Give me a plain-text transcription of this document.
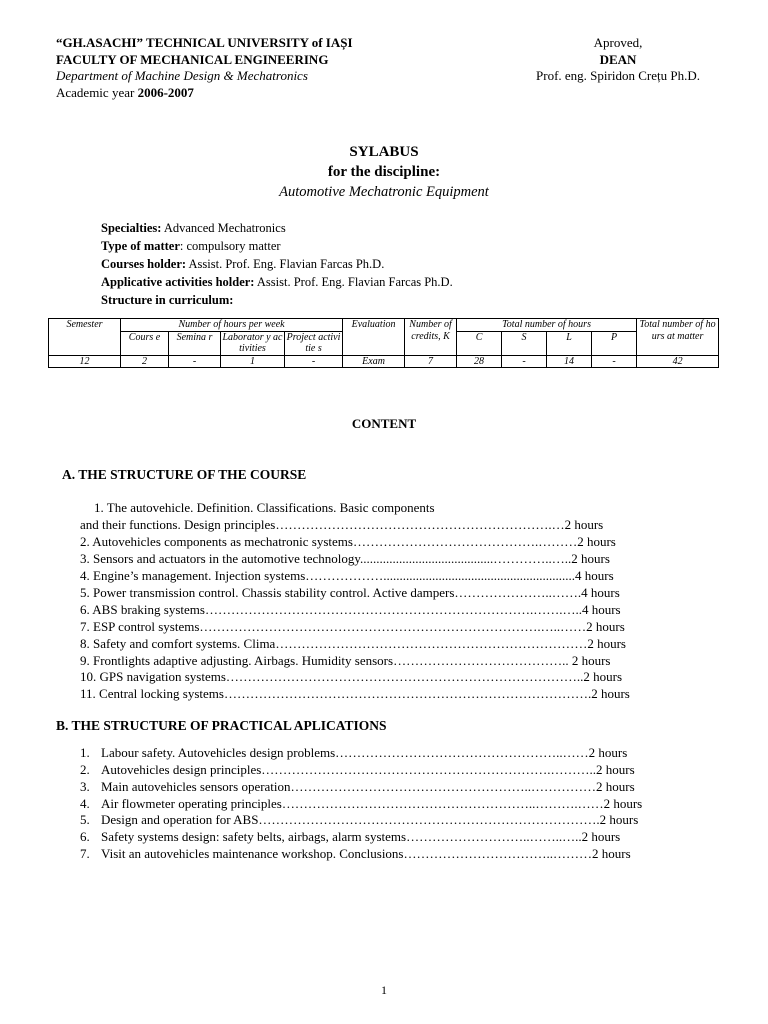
“GH.ASACHI” TECHNICAL UNIVERSITY of IAȘI
FACULTY OF MECHANICAL ENGINEERING
Department of Machine Design & Mechatronics
Academic year 2006-2007
Aproved,
DEAN
Prof. eng. Spiridon Crețu Ph.D.
SYLABUS
for the discipline:
Automotive Mechatronic Equipment
Specialties: Advanced Mechatronics
Type of matter: compulsory matter
Courses holder: Assist. Prof. Eng. Flavian Farcas Ph.D.
Applicative activities holder: Assist. Prof. Eng. Flavian Farcas Ph.D.
Structure in curriculum:
Semester	Number of hours per week				Evaluation	Number of credits, K	Total number of hours				Total number of hours at matter
	Cours e	Semina r	Laborator y activities	Project activitie s			C	S	L	P	
12	2	-	1	-	Exam	7	28	-	14	-	42
CONTENT
A. THE STRUCTURE OF THE COURSE
1. The autovehicle. Definition. Classifications. Basic components
and their functions. Design principles……………………………………………………….…2 hours
2. Autovehicles components as mechatronic systems…………………………………….………2 hours
3. Sensors and actuators in the automotive technology.........................................…………..…..2 hours
4. Engine’s management. Injection systems………………...........................................................4 hours
5. Power transmission control. Chassis stability control. Active dampers…………………..…….4 hours
6. ABS braking systems………………………………………………………………….…….…..4 hours
7. ESP control systems…………………………………………………………………….…..……2 hours
8. Safety and comfort systems. Clima………………………………………………………………2 hours
9. Frontlights adaptive adjusting. Airbags. Humidity sensors………………………………….. 2 hours
10. GPS navigation systems………………………………………………………………………..2 hours
11. Central locking systems………………………………………………………………………….2 hours
B. THE STRUCTURE OF PRACTICAL APLICATIONS
1. Labour safety. Autovehicles design problems……………………………………………..……2 hours
2. Autovehicles design principles………………………………………………………….………..2 hours
3. Main autovehicles sensors operation………………………………………………..……………2 hours
4. Air flowmeter operating principles…………………………………………………..……….……2 hours
5. Design and operation for ABS…………………………………………………………………….2 hours
6. Safety systems design: safety belts, airbags, alarm systems………………………..……..…..2 hours
7. Visit an autovehicles maintenance workshop. Conclusions……………………………..………2 hours
1
